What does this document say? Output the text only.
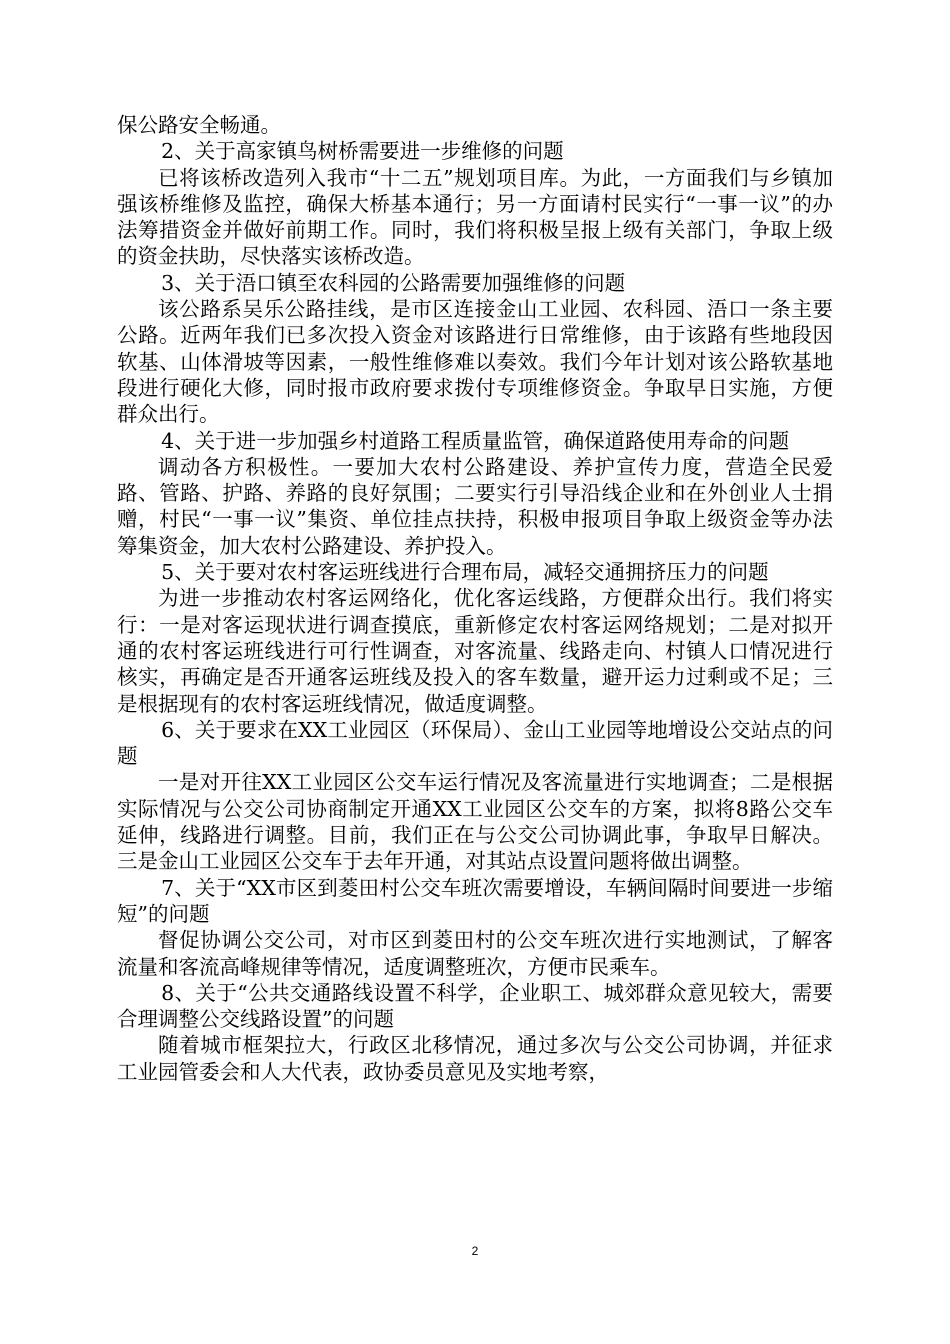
保公路安全畅通。

2、关于高家镇鸟树桥需要进一步维修的问题

已将该桥改造列入我市“十二五”规划项目库。为此，一方面我们与乡镇加强该桥维修及监控，确保大桥基本通行；另一方面请村民实行“一事一议”的办法筹措资金并做好前期工作。同时，我们将积极呈报上级有关部门，争取上级的资金扶助，尽快落实该桥改造。

3、关于浯口镇至农科园的公路需要加强维修的问题

该公路系吴乐公路挂线，是市区连接金山工业园、农科园、浯口一条主要公路。近两年我们已多次投入资金对该路进行日常维修，由于该路有些地段因软基、山体滑坡等因素，一般性维修难以奏效。我们今年计划对该公路软基地段进行硬化大修，同时报市政府要求拨付专项维修资金。争取早日实施，方便群众出行。

4、关于进一步加强乡村道路工程质量监管，确保道路使用寿命的问题

调动各方积极性。一要加大农村公路建设、养护宣传力度，营造全民爱路、管路、护路、养路的良好氛围；二要实行引导沿线企业和在外创业人士捐赠，村民“一事一议”集资、单位挂点扶持，积极申报项目争取上级资金等办法筹集资金，加大农村公路建设、养护投入。

5、关于要对农村客运班线进行合理布局，减轻交通拥挤压力的问题

为进一步推动农村客运网络化，优化客运线路，方便群众出行。我们将实行：一是对客运现状进行调查摸底，重新修定农村客运网络规划；二是对拟开通的农村客运班线进行可行性调查，对客流量、线路走向、村镇人口情况进行核实，再确定是否开通客运班线及投入的客车数量，避开运力过剩或不足；三是根据现有的农村客运班线情况，做适度调整。

6、关于要求在XX工业园区（环保局）、金山工业园等地增设公交站点的问题

一是对开往XX工业园区公交车运行情况及客流量进行实地调查；二是根据实际情况与公交公司协商制定开通XX工业园区公交车的方案，拟将8路公交车延伸，线路进行调整。目前，我们正在与公交公司协调此事，争取早日解决。三是金山工业园区公交车于去年开通，对其站点设置问题将做出调整。

7、关于“XX市区到菱田村公交车班次需要增设，车辆间隔时间要进一步缩短”的问题

督促协调公交公司，对市区到菱田村的公交车班次进行实地测试，了解客流量和客流高峰规律等情况，适度调整班次，方便市民乘车。

8、关于“公共交通路线设置不科学，企业职工、城郊群众意见较大，需要合理调整公交线路设置”的问题

随着城市框架拉大，行政区北移情况，通过多次与公交公司协调，并征求工业园管委会和人大代表，政协委员意见及实地考察，

2
